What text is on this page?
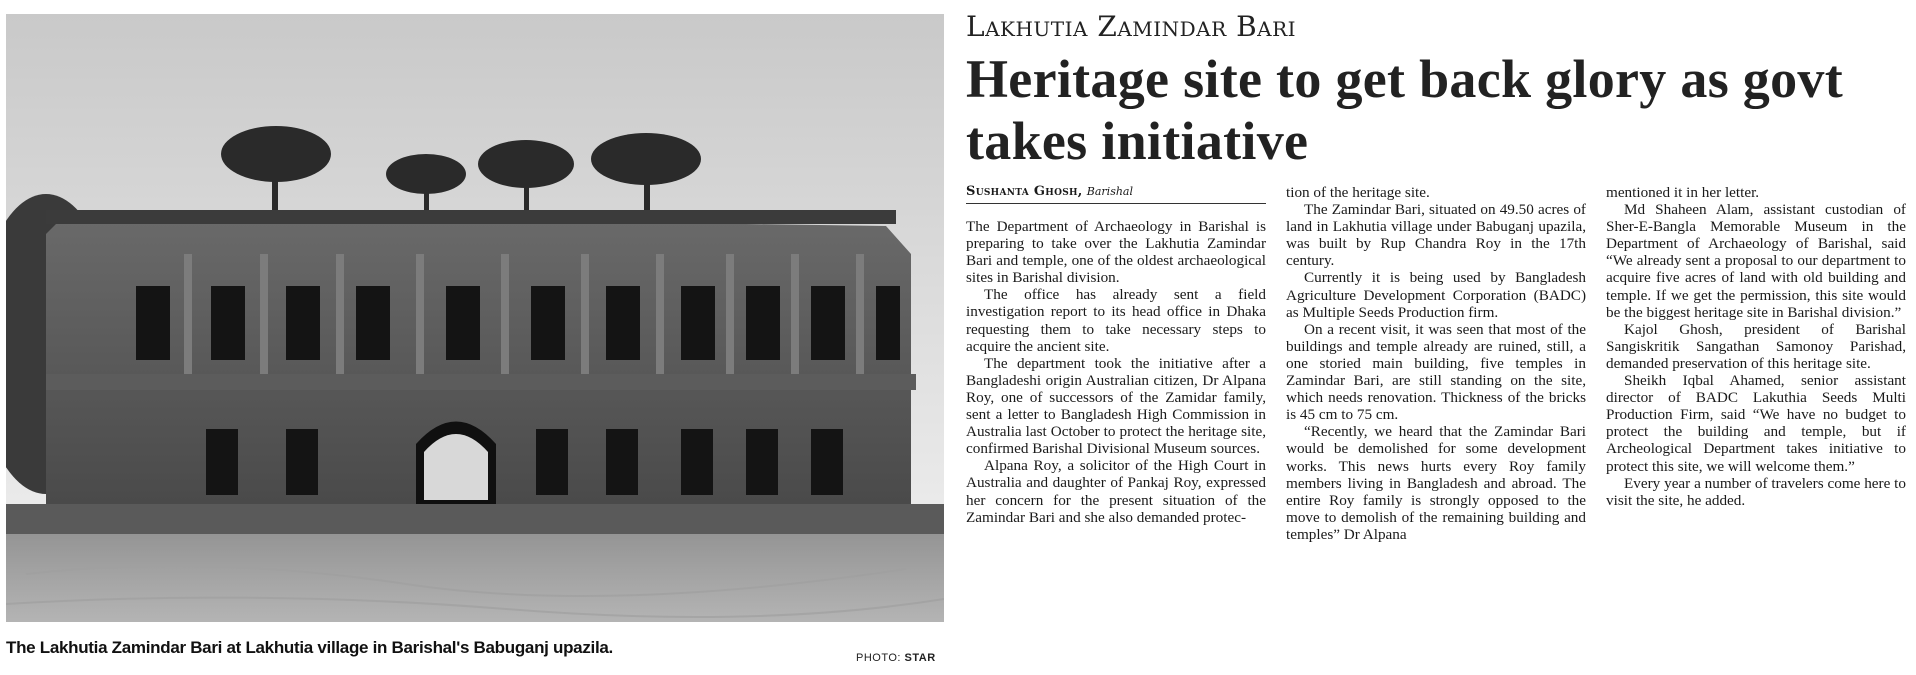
The Lakhutia Zamindar Bari at Lakhutia village in Barishal's Babuganj upazila.
PHOTO: STAR
Lakhutia Zamindar Bari
Heritage site to get back glory as govt takes initiative
Sushanta Ghosh, Barishal

The Department of Archaeology in Barishal is preparing to take over the Lakhutia Zamindar Bari and temple, one of the oldest archaeological sites in Barishal division.

The office has already sent a field investigation report to its head office in Dhaka requesting them to take necessary steps to acquire the ancient site.

The department took the initiative after a Bangladeshi origin Australian citizen, Dr Alpana Roy, one of successors of the Zamidar family, sent a letter to Bangladesh High Commission in Australia last October to protect the heritage site, confirmed Barishal Divisional Museum sources.

Alpana Roy, a solicitor of the High Court in Australia and daughter of Pankaj Roy, expressed her concern for the present situation of the Zamindar Bari and she also demanded protec-

tion of the heritage site.

The Zamindar Bari, situated on 49.50 acres of land in Lakhutia village under Babuganj upazila, was built by Rup Chandra Roy in the 17th century.

Currently it is being used by Bangladesh Agriculture Development Corporation (BADC) as Multiple Seeds Production firm.

On a recent visit, it was seen that most of the buildings and temple already are ruined, still, a one storied main building, five temples in Zamindar Bari, are still standing on the site, which needs renovation. Thickness of the bricks is 45 cm to 75 cm.

“Recently, we heard that the Zamindar Bari would be demolished for some development works. This news hurts every Roy family members living in Bangladesh and abroad. The entire Roy family is strongly opposed to the move to demolish of the remaining building and temples” Dr Alpana

mentioned it in her letter.

Md Shaheen Alam, assistant custodian of Sher-E-Bangla Memorable Museum in the Department of Archaeology of Barishal, said “We already sent a proposal to our department to acquire five acres of land with old building and temple. If we get the permission, this site would be the biggest heritage site in Barishal division.”

Kajol Ghosh, president of Barishal Sangiskritik Sangathan Samonoy Parishad, demanded preservation of this heritage site.

Sheikh Iqbal Ahamed, senior assistant director of BADC Lakuthia Seeds Multi Production Firm, said “We have no budget to protect the building and temple, but if Archeological Department takes initiative to protect this site, we will welcome them.”

Every year a number of travelers come here to visit the site, he added.
